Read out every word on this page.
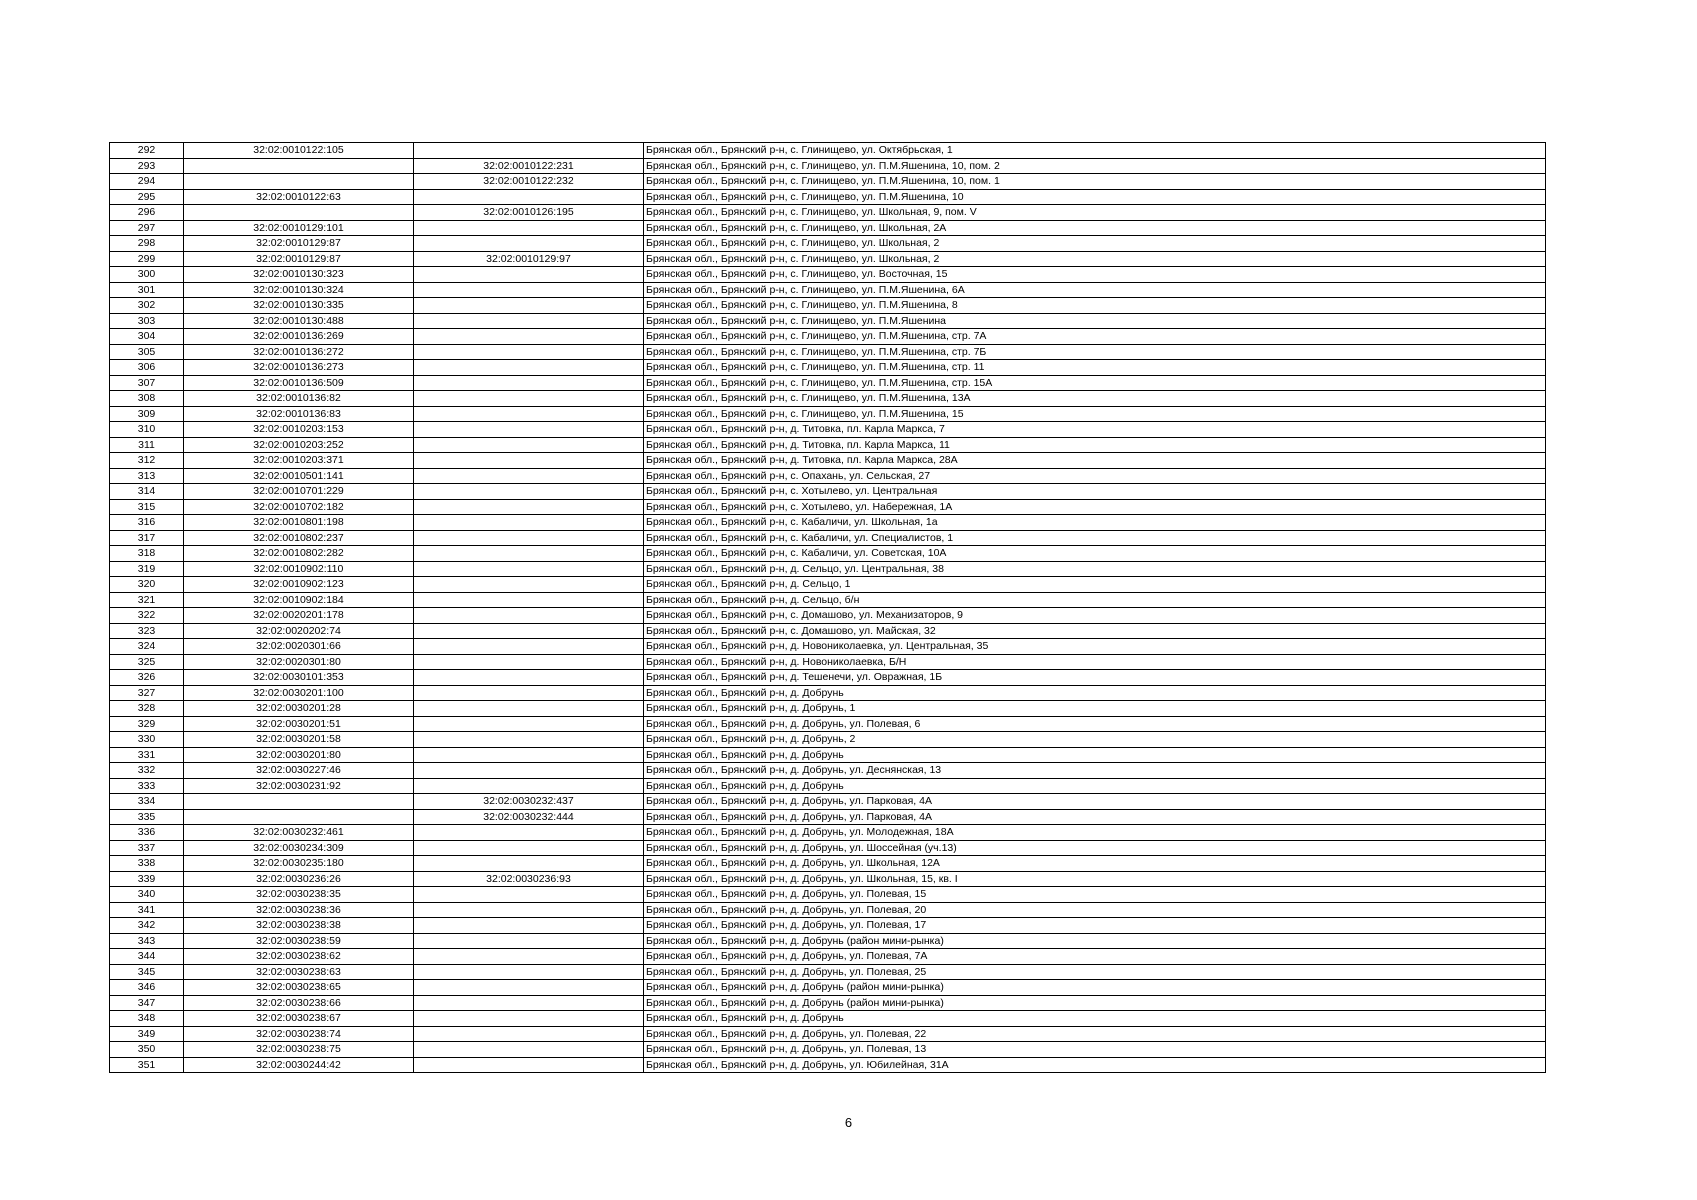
292	32:02:0010122:105		Брянская обл., Брянский р-н, с. Глинищево, ул. Октябрьская, 1
293		32:02:0010122:231	Брянская обл., Брянский р-н, с. Глинищево, ул. П.М.Яшенина, 10, пом. 2
294		32:02:0010122:232	Брянская обл., Брянский р-н, с. Глинищево, ул. П.М.Яшенина, 10, пом. 1
295	32:02:0010122:63		Брянская обл., Брянский р-н, с. Глинищево, ул. П.М.Яшенина, 10
296		32:02:0010126:195	Брянская обл., Брянский р-н, с. Глинищево, ул. Школьная, 9, пом. V
297	32:02:0010129:101		Брянская обл., Брянский р-н, с. Глинищево, ул. Школьная, 2А
298	32:02:0010129:87		Брянская обл., Брянский р-н, с. Глинищево, ул. Школьная, 2
299	32:02:0010129:87	32:02:0010129:97	Брянская обл., Брянский р-н, с. Глинищево, ул. Школьная, 2
300	32:02:0010130:323		Брянская обл., Брянский р-н, с. Глинищево, ул. Восточная, 15
301	32:02:0010130:324		Брянская обл., Брянский р-н, с. Глинищево, ул. П.М.Яшенина, 6А
302	32:02:0010130:335		Брянская обл., Брянский р-н, с. Глинищево, ул. П.М.Яшенина, 8
303	32:02:0010130:488		Брянская обл., Брянский р-н, с. Глинищево, ул. П.М.Яшенина
304	32:02:0010136:269		Брянская обл., Брянский р-н, с. Глинищево, ул. П.М.Яшенина, стр. 7А
305	32:02:0010136:272		Брянская обл., Брянский р-н, с. Глинищево, ул. П.М.Яшенина, стр. 7Б
306	32:02:0010136:273		Брянская обл., Брянский р-н, с. Глинищево, ул. П.М.Яшенина, стр. 11
307	32:02:0010136:509		Брянская обл., Брянский р-н, с. Глинищево, ул. П.М.Яшенина, стр. 15А
308	32:02:0010136:82		Брянская обл., Брянский р-н, с. Глинищево, ул. П.М.Яшенина, 13А
309	32:02:0010136:83		Брянская обл., Брянский р-н, с. Глинищево, ул. П.М.Яшенина, 15
310	32:02:0010203:153		Брянская обл., Брянский р-н, д. Титовка, пл. Карла Маркса, 7
311	32:02:0010203:252		Брянская обл., Брянский р-н, д. Титовка, пл. Карла Маркса, 11
312	32:02:0010203:371		Брянская обл., Брянский р-н, д. Титовка, пл. Карла Маркса, 28А
313	32:02:0010501:141		Брянская обл., Брянский р-н, с. Опахань, ул. Сельская, 27
314	32:02:0010701:229		Брянская обл., Брянский р-н, с. Хотылево, ул. Центральная
315	32:02:0010702:182		Брянская обл., Брянский р-н, с. Хотылево, ул. Набережная, 1А
316	32:02:0010801:198		Брянская обл., Брянский р-н, с. Кабаличи, ул. Школьная, 1а
317	32:02:0010802:237		Брянская обл., Брянский р-н, с. Кабаличи, ул. Специалистов, 1
318	32:02:0010802:282		Брянская обл., Брянский р-н, с. Кабаличи, ул. Советская, 10А
319	32:02:0010902:110		Брянская обл., Брянский р-н, д. Сельцо, ул. Центральная, 38
320	32:02:0010902:123		Брянская обл., Брянский р-н, д. Сельцо, 1
321	32:02:0010902:184		Брянская обл., Брянский р-н, д. Сельцо, б/н
322	32:02:0020201:178		Брянская обл., Брянский р-н, с. Домашово, ул. Механизаторов, 9
323	32:02:0020202:74		Брянская обл., Брянский р-н, с. Домашово, ул. Майская, 32
324	32:02:0020301:66		Брянская обл., Брянский р-н, д. Новониколаевка, ул. Центральная, 35
325	32:02:0020301:80		Брянская обл., Брянский р-н, д. Новониколаевка, Б/Н
326	32:02:0030101:353		Брянская обл., Брянский р-н, д. Тешенечи, ул. Овражная, 1Б
327	32:02:0030201:100		Брянская обл., Брянский р-н, д. Добрунь
328	32:02:0030201:28		Брянская обл., Брянский р-н, д. Добрунь, 1
329	32:02:0030201:51		Брянская обл., Брянский р-н, д. Добрунь, ул. Полевая, 6
330	32:02:0030201:58		Брянская обл., Брянский р-н, д. Добрунь, 2
331	32:02:0030201:80		Брянская обл., Брянский р-н, д. Добрунь
332	32:02:0030227:46		Брянская обл., Брянский р-н, д. Добрунь, ул. Деснянская, 13
333	32:02:0030231:92		Брянская обл., Брянский р-н, д. Добрунь
334		32:02:0030232:437	Брянская обл., Брянский р-н, д. Добрунь, ул. Парковая, 4А
335		32:02:0030232:444	Брянская обл., Брянский р-н, д. Добрунь, ул. Парковая, 4А
336	32:02:0030232:461		Брянская обл., Брянский р-н, д. Добрунь, ул. Молодежная, 18А
337	32:02:0030234:309		Брянская обл., Брянский р-н, д. Добрунь, ул. Шоссейная (уч.13)
338	32:02:0030235:180		Брянская обл., Брянский р-н, д. Добрунь, ул. Школьная, 12А
339	32:02:0030236:26	32:02:0030236:93	Брянская обл., Брянский р-н, д. Добрунь, ул. Школьная, 15, кв. I
340	32:02:0030238:35		Брянская обл., Брянский р-н, д. Добрунь, ул. Полевая, 15
341	32:02:0030238:36		Брянская обл., Брянский р-н, д. Добрунь, ул. Полевая, 20
342	32:02:0030238:38		Брянская обл., Брянский р-н, д. Добрунь, ул. Полевая, 17
343	32:02:0030238:59		Брянская обл., Брянский р-н, д. Добрунь (район мини-рынка)
344	32:02:0030238:62		Брянская обл., Брянский р-н, д. Добрунь, ул. Полевая, 7А
345	32:02:0030238:63		Брянская обл., Брянский р-н, д. Добрунь, ул. Полевая, 25
346	32:02:0030238:65		Брянская обл., Брянский р-н, д. Добрунь (район мини-рынка)
347	32:02:0030238:66		Брянская обл., Брянский р-н, д. Добрунь (район мини-рынка)
348	32:02:0030238:67		Брянская обл., Брянский р-н, д. Добрунь
349	32:02:0030238:74		Брянская обл., Брянский р-н, д. Добрунь, ул. Полевая, 22
350	32:02:0030238:75		Брянская обл., Брянский р-н, д. Добрунь, ул. Полевая, 13
351	32:02:0030244:42		Брянская обл., Брянский р-н, д. Добрунь, ул. Юбилейная, 31А
6
